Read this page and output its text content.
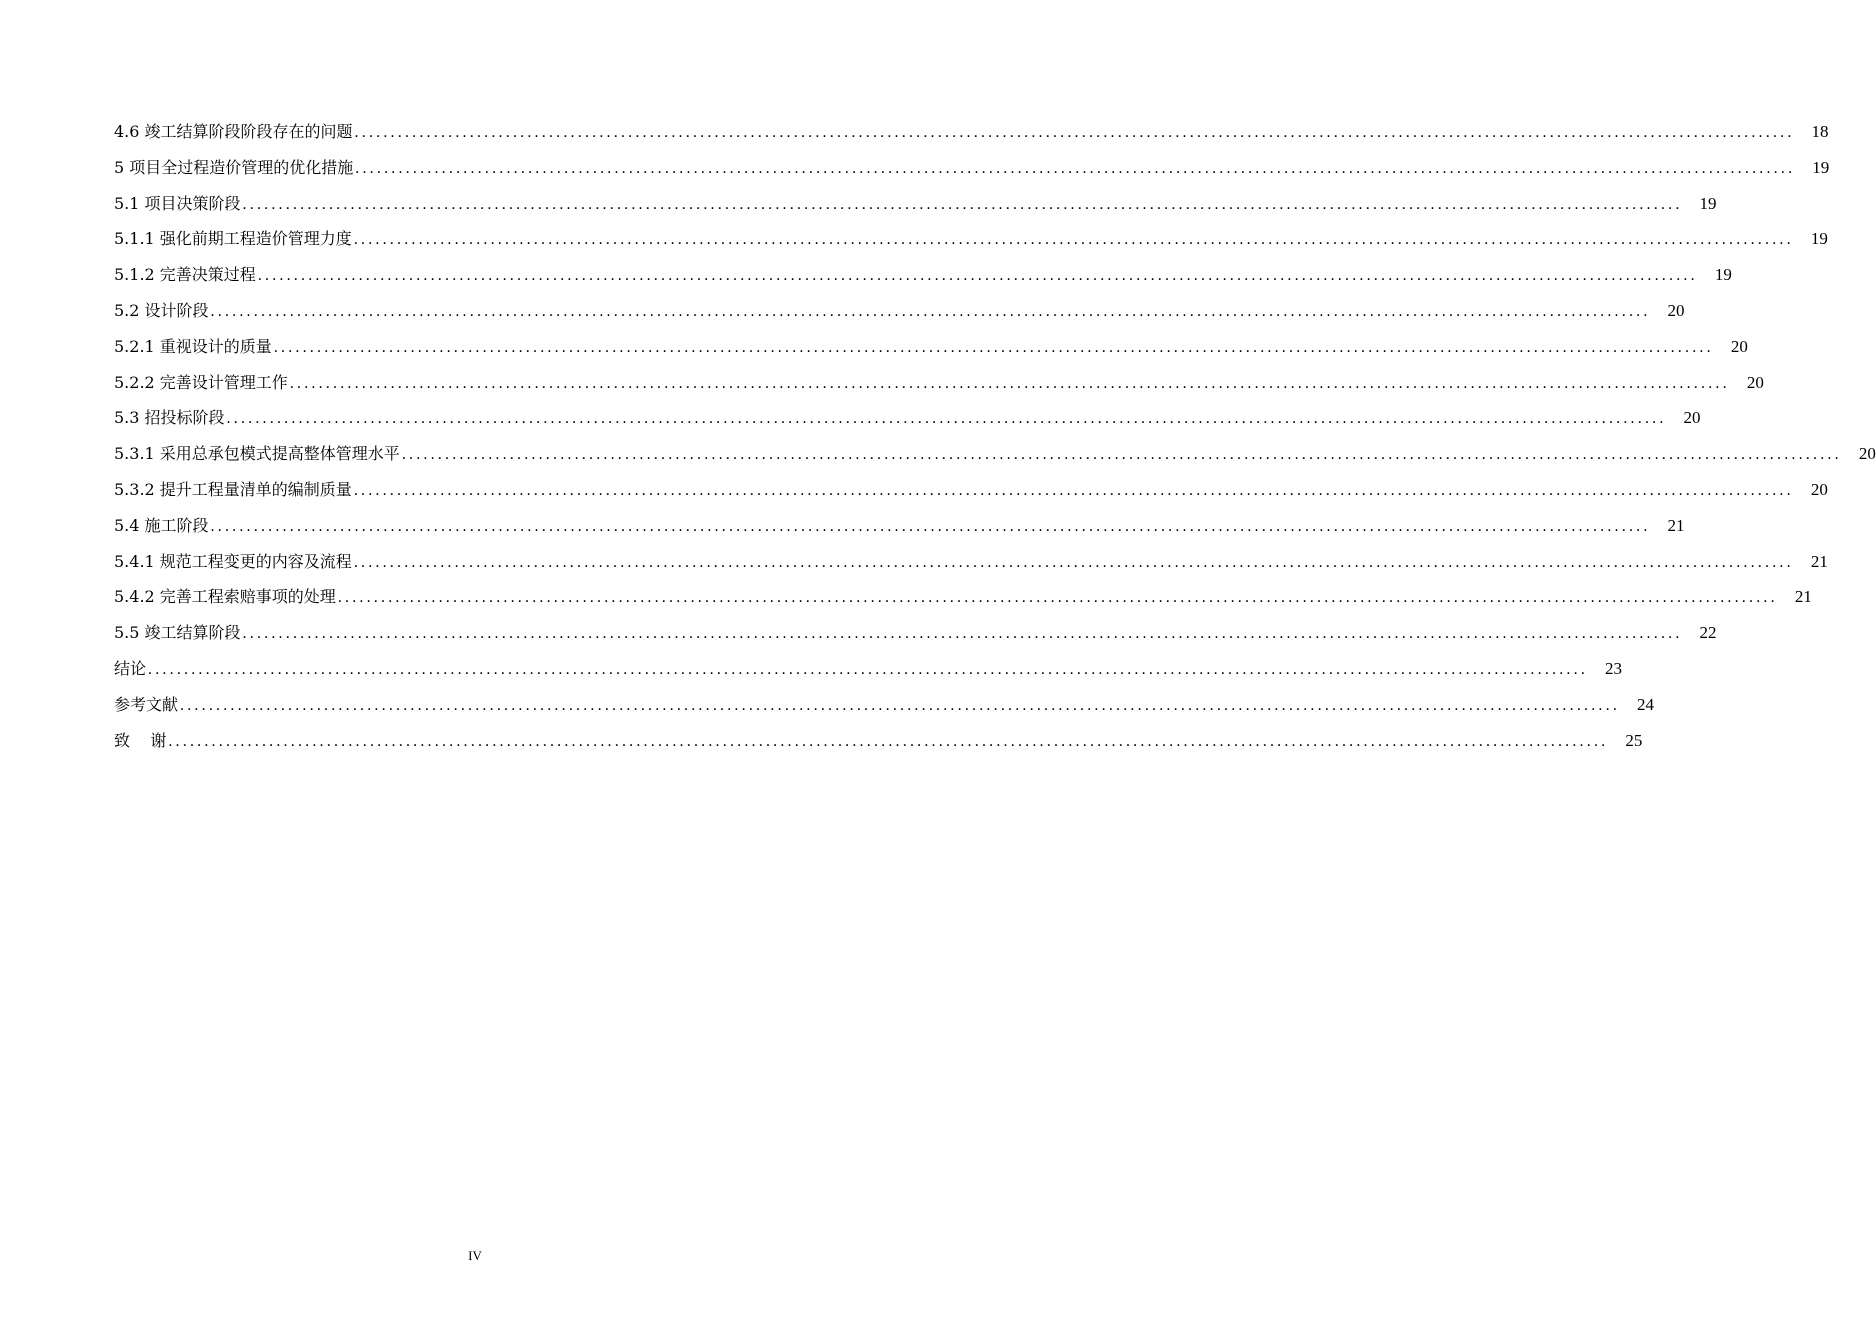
4.6 竣工结算阶段阶段存在的问题 ........................................................................................................................................................................................................ 18
5 项目全过程造价管理的优化措施 ........................................................................................................................................................................................................ 19
5.1 项目决策阶段 ........................................................................................................................................................................................................ 19
5.1.1 强化前期工程造价管理力度 ........................................................................................................................................................................................................ 19
5.1.2 完善决策过程 ........................................................................................................................................................................................................ 19
5.2 设计阶段 ........................................................................................................................................................................................................ 20
5.2.1 重视设计的质量 ........................................................................................................................................................................................................ 20
5.2.2 完善设计管理工作 ........................................................................................................................................................................................................ 20
5.3 招投标阶段 ........................................................................................................................................................................................................ 20
5.3.1 采用总承包模式提高整体管理水平 ........................................................................................................................................................................................................ 20
5.3.2 提升工程量清单的编制质量 ........................................................................................................................................................................................................ 20
5.4 施工阶段 ........................................................................................................................................................................................................ 21
5.4.1 规范工程变更的内容及流程 ........................................................................................................................................................................................................ 21
5.4.2 完善工程索赔事项的处理 ........................................................................................................................................................................................................ 21
5.5 竣工结算阶段 ........................................................................................................................................................................................................ 22
结论 ........................................................................................................................................................................................................ 23
参考文献 ........................................................................................................................................................................................................ 24
致    谢 ........................................................................................................................................................................................................ 25
IV
